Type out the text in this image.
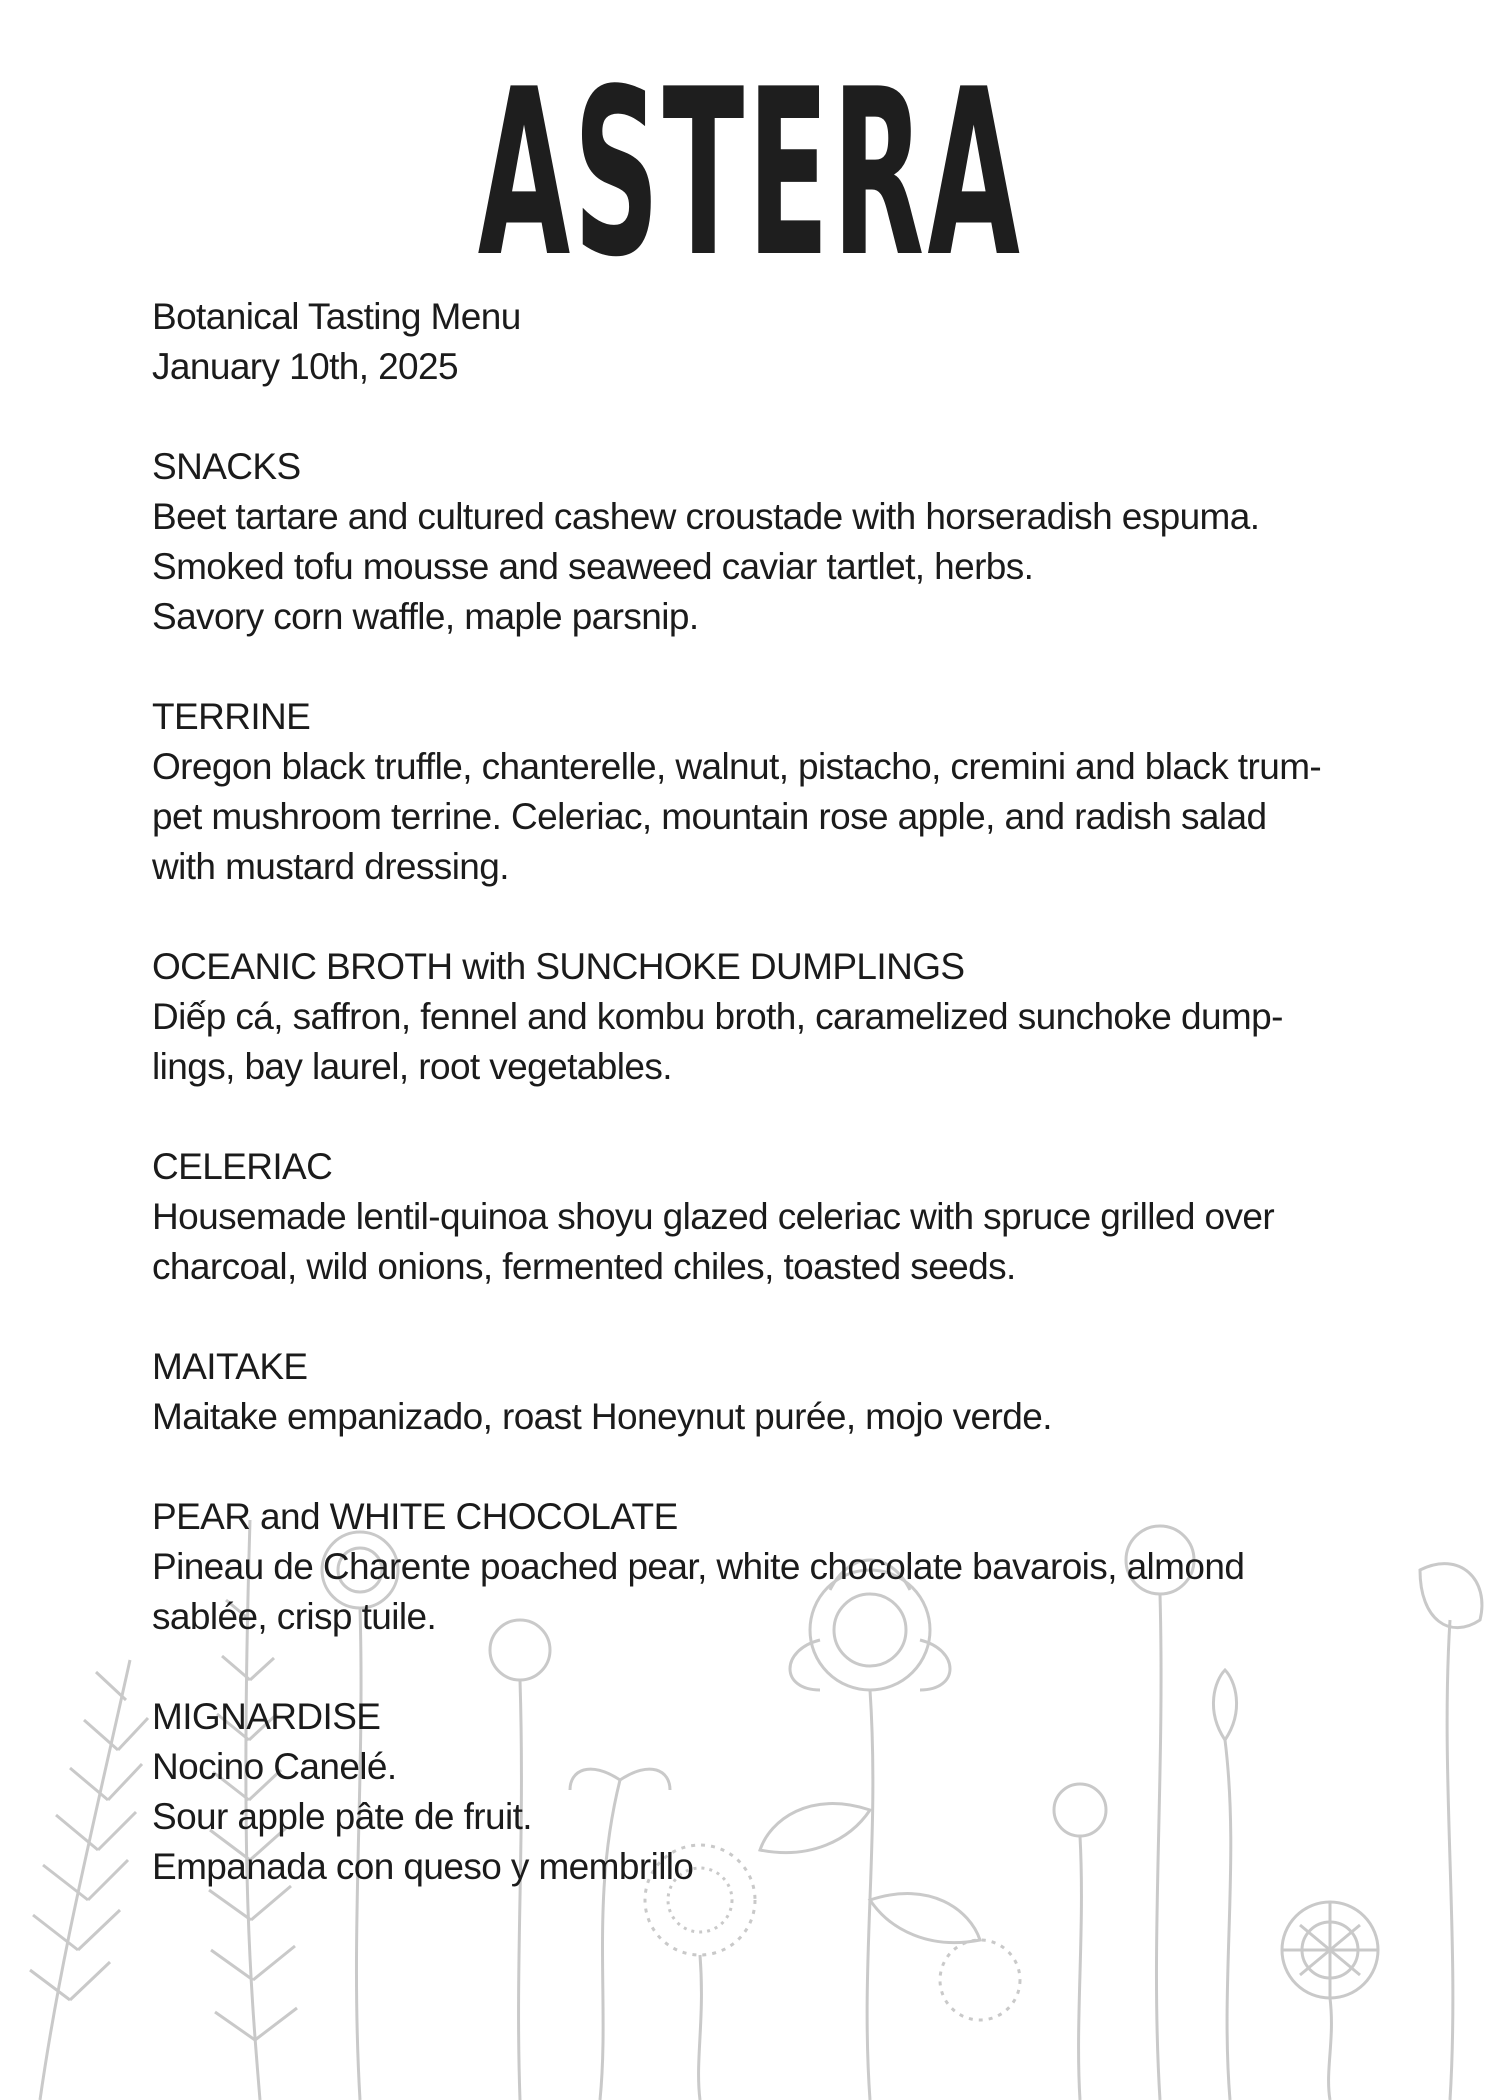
ASTERA
Botanical Tasting Menu
January 10th, 2025
SNACKS
Beet tartare and cultured cashew croustade with horseradish espuma.
Smoked tofu mousse and seaweed caviar tartlet, herbs.
Savory corn waffle, maple parsnip.
TERRINE
Oregon black truffle, chanterelle, walnut, pistacho, cremini and black trum-
pet mushroom terrine. Celeriac, mountain rose apple, and radish salad
with mustard dressing.
OCEANIC BROTH with SUNCHOKE DUMPLINGS
Diếp cá, saffron, fennel and kombu broth, caramelized sunchoke dump-
lings, bay laurel, root vegetables.
CELERIAC
Housemade lentil-quinoa shoyu glazed celeriac with spruce grilled over
charcoal, wild onions, fermented chiles, toasted seeds.
MAITAKE
Maitake empanizado, roast Honeynut purée, mojo verde.
PEAR and WHITE CHOCOLATE
Pineau de Charente poached pear, white chocolate bavarois, almond
sablée, crisp tuile.
MIGNARDISE
Nocino Canelé.
Sour apple pâte de fruit.
Empanada con queso y membrillo
